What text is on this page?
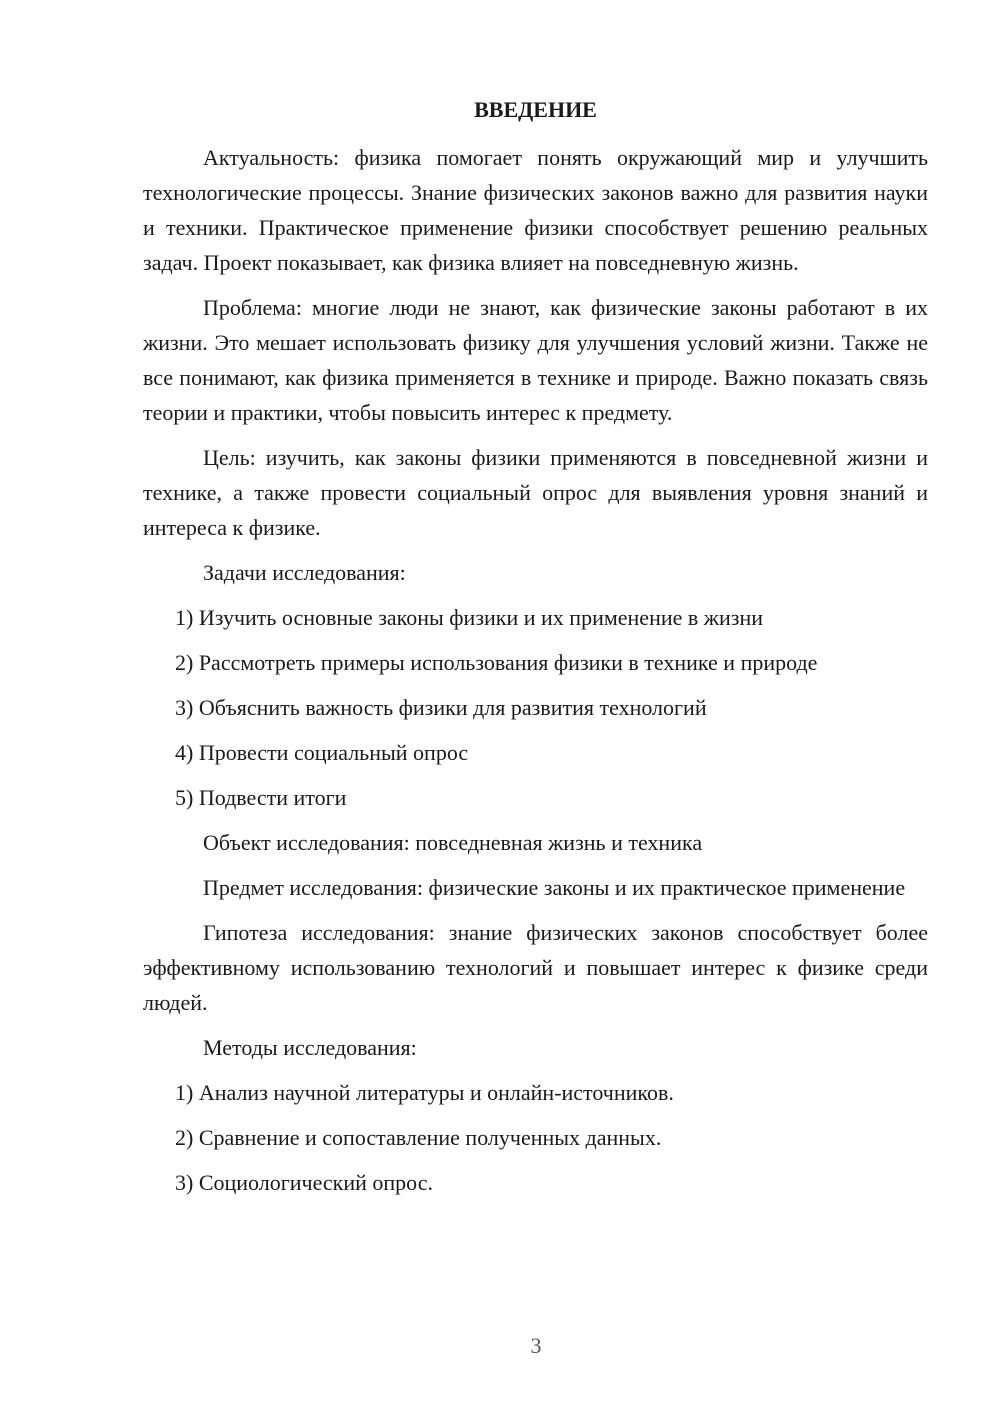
ВВЕДЕНИЕ

Актуальность: физика помогает понять окружающий мир и улучшить технологические процессы. Знание физических законов важно для развития науки и техники. Практическое применение физики способствует решению реальных задач. Проект показывает, как физика влияет на повседневную жизнь.

Проблема: многие люди не знают, как физические законы работают в их жизни. Это мешает использовать физику для улучшения условий жизни. Также не все понимают, как физика применяется в технике и природе. Важно показать связь теории и практики, чтобы повысить интерес к предмету.

Цель: изучить, как законы физики применяются в повседневной жизни и технике, а также провести социальный опрос для выявления уровня знаний и интереса к физике.

Задачи исследования:

1) Изучить основные законы физики и их применение в жизни
2) Рассмотреть примеры использования физики в технике и природе
3) Объяснить важность физики для развития технологий
4) Провести социальный опрос
5) Подвести итоги

Объект исследования: повседневная жизнь и техника

Предмет исследования: физические законы и их практическое применение

Гипотеза исследования: знание физических законов способствует более эффективному использованию технологий и повышает интерес к физике среди людей.

Методы исследования:

1) Анализ научной литературы и онлайн-источников.
2) Сравнение и сопоставление полученных данных.
3) Социологический опрос.
3
